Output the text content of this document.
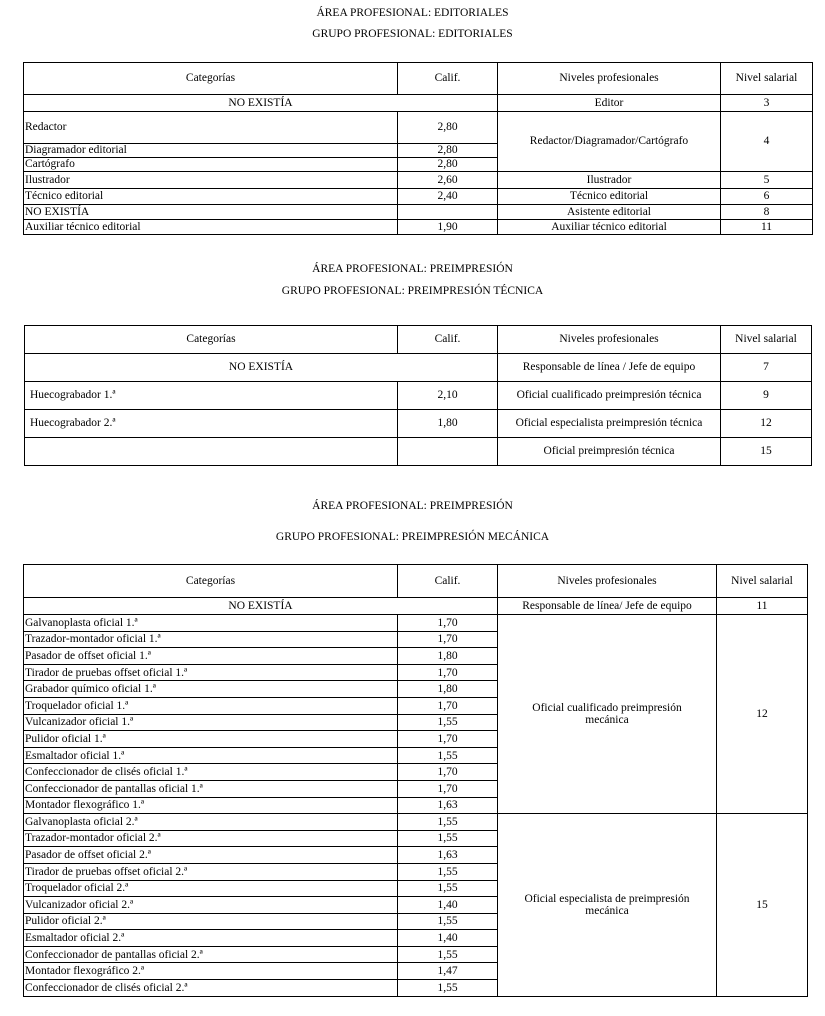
ÁREA PROFESIONAL: EDITORIALES
GRUPO PROFESIONAL: EDITORIALES
Categorías	Calif.	Niveles profesionales	Nivel salarial
NO EXISTÍA		Editor	3
Redactor	2,80	Redactor/Diagramador/Cartógrafo	4
Diagramador editorial	2,80		
Cartógrafo	2,80		
Ilustrador	2,60	Ilustrador	5
Técnico editorial	2,40	Técnico editorial	6
NO EXISTÍA		Asistente editorial	8
Auxiliar técnico editorial	1,90	Auxiliar técnico editorial	11
ÁREA PROFESIONAL: PREIMPRESIÓN
GRUPO PROFESIONAL: PREIMPRESIÓN TÉCNICA
Categorías	Calif.	Niveles profesionales	Nivel salarial
NO EXISTÍA		Responsable de línea / Jefe de equipo	7
Huecograbador 1.ª	2,10	Oficial cualificado preimpresión técnica	9
Huecograbador 2.ª	1,80	Oficial especialista preimpresión técnica	12
		Oficial preimpresión técnica	15
ÁREA PROFESIONAL: PREIMPRESIÓN
GRUPO PROFESIONAL: PREIMPRESIÓN MECÁNICA
Categorías	Calif.	Niveles profesionales	Nivel salarial
NO EXISTÍA		Responsable de línea/ Jefe de equipo	11
Galvanoplasta oficial 1.ª	1,70	Oficial cualificado preimpresión mecánica	12
Trazador-montador oficial 1.ª	1,70		
Pasador de offset oficial 1.ª	1,80		
Tirador de pruebas offset oficial 1.ª	1,70		
Grabador químico oficial 1.ª	1,80		
Troquelador oficial 1.ª	1,70		
Vulcanizador oficial 1.ª	1,55		
Pulidor oficial 1.ª	1,70		
Esmaltador oficial 1.ª	1,55		
Confeccionador de clisés oficial 1.ª	1,70		
Confeccionador de pantallas oficial 1.ª	1,70		
Montador flexográfico 1.ª	1,63		
Galvanoplasta oficial 2.ª	1,55	Oficial especialista de preimpresión mecánica	15
Trazador-montador oficial 2.ª	1,55		
Pasador de offset oficial 2.ª	1,63		
Tirador de pruebas offset oficial 2.ª	1,55		
Troquelador oficial 2.ª	1,55		
Vulcanizador oficial 2.ª	1,40		
Pulidor oficial 2.ª	1,55		
Esmaltador oficial 2.ª	1,40		
Confeccionador de pantallas oficial 2.ª	1,55		
Montador flexográfico 2.ª	1,47		
Confeccionador de clisés oficial 2.ª	1,55		
